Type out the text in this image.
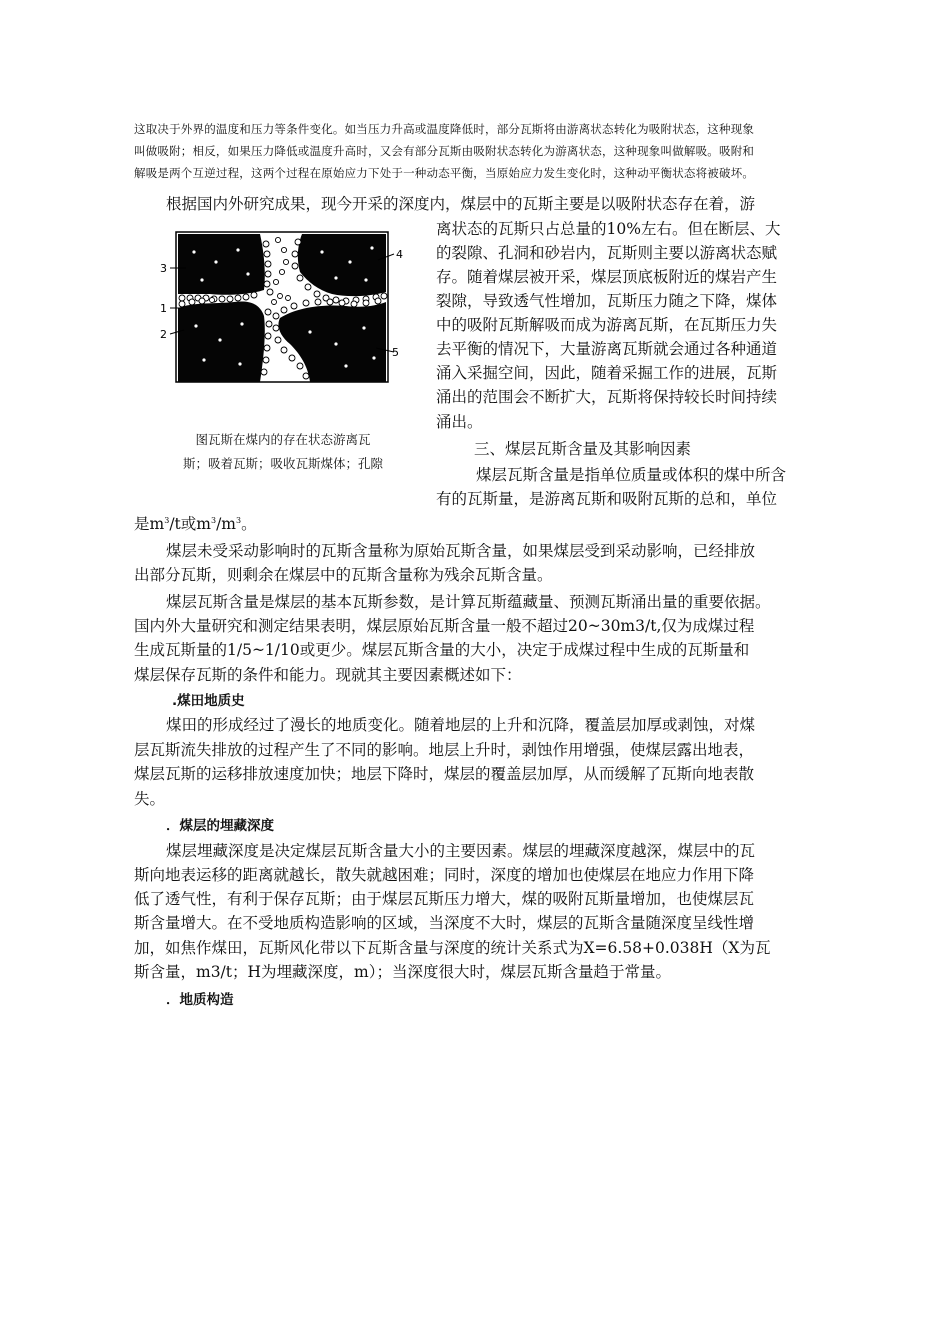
这取决于外界的温度和压力等条件变化。如当压力升高或温度降低时，部分瓦斯将由游离状态转化为吸附状态，这种现象
叫做吸附；相反，如果压力降低或温度升高时，又会有部分瓦斯由吸附状态转化为游离状态，这种现象叫做解吸。吸附和
解吸是两个互逆过程，这两个过程在原始应力下处于一种动态平衡，当原始应力发生变化时，这种动平衡状态将被破坏。
根据国内外研究成果，现今开采的深度内，煤层中的瓦斯主要是以吸附状态存在着，游
3
4
1
2
5
图瓦斯在煤内的存在状态游离瓦
斯；吸着瓦斯；吸收瓦斯煤体；孔隙
离状态的瓦斯只占总量的10%左右。但在断层、大
的裂隙、孔洞和砂岩内，瓦斯则主要以游离状态赋
存。随着煤层被开采，煤层顶底板附近的煤岩产生
裂隙，导致透气性增加，瓦斯压力随之下降，煤体
中的吸附瓦斯解吸而成为游离瓦斯，在瓦斯压力失
去平衡的情况下，大量游离瓦斯就会通过各种通道
涌入采掘空间，因此，随着采掘工作的进展，瓦斯
涌出的范围会不断扩大，瓦斯将保持较长时间持续
涌出。
三、煤层瓦斯含量及其影响因素
煤层瓦斯含量是指单位质量或体积的煤中所含
有的瓦斯量，是游离瓦斯和吸附瓦斯的总和，单位
是$m^3/t$或$m^3/m^3$。
煤层未受采动影响时的瓦斯含量称为原始瓦斯含量，如果煤层受到采动影响，已经排放
出部分瓦斯，则剩余在煤层中的瓦斯含量称为残余瓦斯含量。
煤层瓦斯含量是煤层的基本瓦斯参数，是计算瓦斯蕴藏量、预测瓦斯涌出量的重要依据。
国内外大量研究和测定结果表明，煤层原始瓦斯含量一般不超过20~30m3/t,仅为成煤过程
生成瓦斯量的1/5~1/10或更少。煤层瓦斯含量的大小，决定于成煤过程中生成的瓦斯量和
煤层保存瓦斯的条件和能力。现就其主要因素概述如下：
.煤田地质史
煤田的形成经过了漫长的地质变化。随着地层的上升和沉降，覆盖层加厚或剥蚀，对煤
层瓦斯流失排放的过程产生了不同的影响。地层上升时，剥蚀作用增强，使煤层露出地表，
煤层瓦斯的运移排放速度加快；地层下降时，煤层的覆盖层加厚，从而缓解了瓦斯向地表散
失。
．煤层的埋藏深度
煤层埋藏深度是决定煤层瓦斯含量大小的主要因素。煤层的埋藏深度越深，煤层中的瓦
斯向地表运移的距离就越长，散失就越困难；同时，深度的增加也使煤层在地应力作用下降
低了透气性，有利于保存瓦斯；由于煤层瓦斯压力增大，煤的吸附瓦斯量增加，也使煤层瓦
斯含量增大。在不受地质构造影响的区域，当深度不大时，煤层的瓦斯含量随深度呈线性增
加，如焦作煤田，瓦斯风化带以下瓦斯含量与深度的统计关系式为X=6.58+0.038H（X为瓦
斯含量，m3/t；H为埋藏深度，m）；当深度很大时，煤层瓦斯含量趋于常量。
．地质构造
